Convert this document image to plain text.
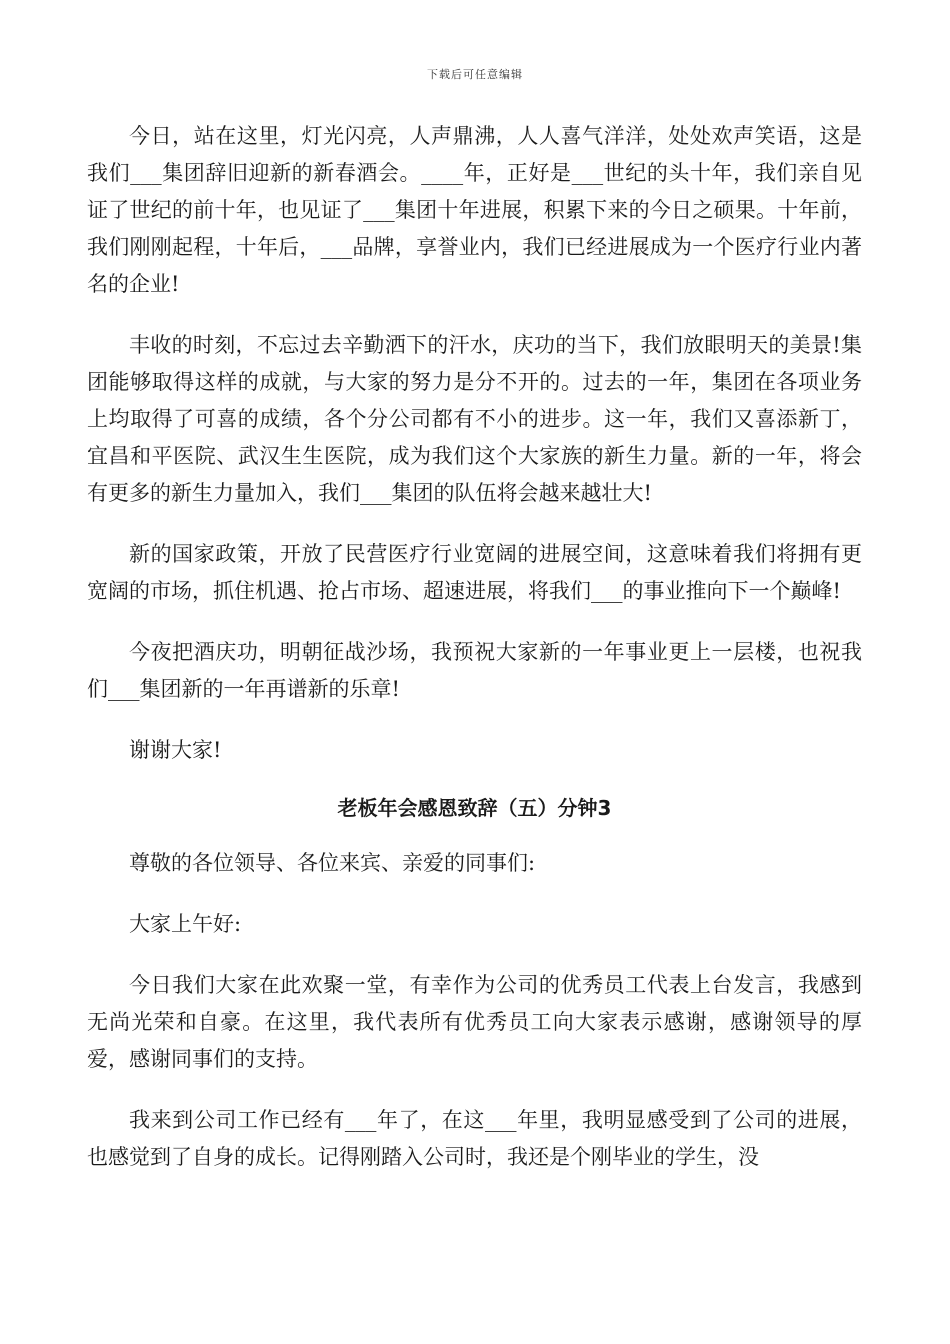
下载后可任意编辑

今日，站在这里，灯光闪亮，人声鼎沸，人人喜气洋洋，处处欢声笑语，这是我们___集团辞旧迎新的新春酒会。____年，正好是___世纪的头十年，我们亲自见证了世纪的前十年，也见证了___集团十年进展，积累下来的今日之硕果。十年前，我们刚刚起程，十年后，___品牌，享誉业内，我们已经进展成为一个医疗行业内著名的企业!

丰收的时刻，不忘过去辛勤洒下的汗水，庆功的当下，我们放眼明天的美景!集团能够取得这样的成就，与大家的努力是分不开的。过去的一年，集团在各项业务上均取得了可喜的成绩，各个分公司都有不小的进步。这一年，我们又喜添新丁，宜昌和平医院、武汉生生医院，成为我们这个大家族的新生力量。新的一年，将会有更多的新生力量加入，我们___集团的队伍将会越来越壮大!

新的国家政策，开放了民营医疗行业宽阔的进展空间，这意味着我们将拥有更宽阔的市场，抓住机遇、抢占市场、超速进展，将我们___的事业推向下一个巅峰!

今夜把酒庆功，明朝征战沙场，我预祝大家新的一年事业更上一层楼，也祝我们___集团新的一年再谱新的乐章!

谢谢大家!

老板年会感恩致辞（五）分钟3

尊敬的各位领导、各位来宾、亲爱的同事们:

大家上午好:

今日我们大家在此欢聚一堂，有幸作为公司的优秀员工代表上台发言，我感到无尚光荣和自豪。在这里，我代表所有优秀员工向大家表示感谢，感谢领导的厚爱，感谢同事们的支持。

我来到公司工作已经有___年了，在这___年里，我明显感受到了公司的进展，也感觉到了自身的成长。记得刚踏入公司时，我还是个刚毕业的学生，没
